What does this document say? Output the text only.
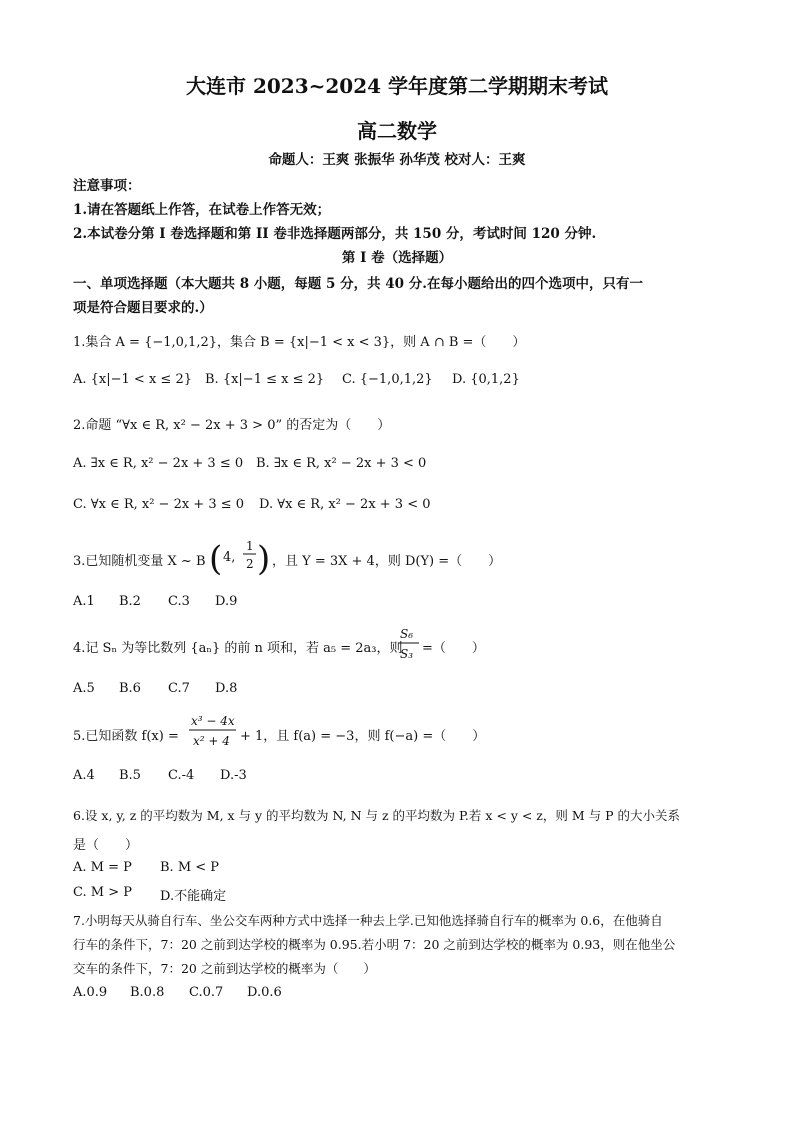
大连市 2023~2024 学年度第二学期期末考试
高二数学
命题人：王爽 张振华 孙华茂 校对人：王爽
注意事项：
1.请在答题纸上作答，在试卷上作答无效；
2.本试卷分第 I 卷选择题和第 II 卷非选择题两部分，共 150 分，考试时间 120 分钟.
第 I 卷（选择题）
一、单项选择题（本大题共 8 小题，每题 5 分，共 40 分.在每小题给出的四个选项中，只有一
项是符合题目要求的.）
1.集合 A = {−1,0,1,2}，集合 B = {x|−1 < x < 3}，则 A ∩ B =（　　）
A. {x|−1 < x ≤ 2} B. {x|−1 ≤ x ≤ 2} C. {−1,0,1,2} D. {0,1,2}
2.命题 “∀x ∈ R, x² − 2x + 3 > 0” 的否定为（　　）
A. ∃x ∈ R, x² − 2x + 3 ≤ 0 B. ∃x ∈ R, x² − 2x + 3 < 0
C. ∀x ∈ R, x² − 2x + 3 ≤ 0 D. ∀x ∈ R, x² − 2x + 3 < 0
3.已知随机变量 X ~ B ( 4,
1
2 ) ，且 Y = 3X + 4，则 D(Y) =（　　）
A.1 B.2 C.3 D.9
4.记 Sₙ 为等比数列 {aₙ} 的前 n 项和，若 a₅ = 2a₃，则
S₆
S₃ =（　　）
A.5 B.6 C.7 D.8
5.已知函数 f(x) =
x³ − 4x
x² + 4 + 1，且 f(a) = −3，则 f(−a) =（　　）
A.4 B.5 C.-4 D.-3
6.设 x, y, z 的平均数为 M, x 与 y 的平均数为 N, N 与 z 的平均数为 P.若 x < y < z，则 M 与 P 的大小关系
是（　　）
A. M = P B. M < P
C. M > P D.不能确定
7.小明每天从骑自行车、坐公交车两种方式中选择一种去上学.已知他选择骑自行车的概率为 0.6，在他骑自
行车的条件下，7：20 之前到达学校的概率为 0.95.若小明 7：20 之前到达学校的概率为 0.93，则在他坐公
交车的条件下，7：20 之前到达学校的概率为（　　）
A.0.9 B.0.8 C.0.7 D.0.6
